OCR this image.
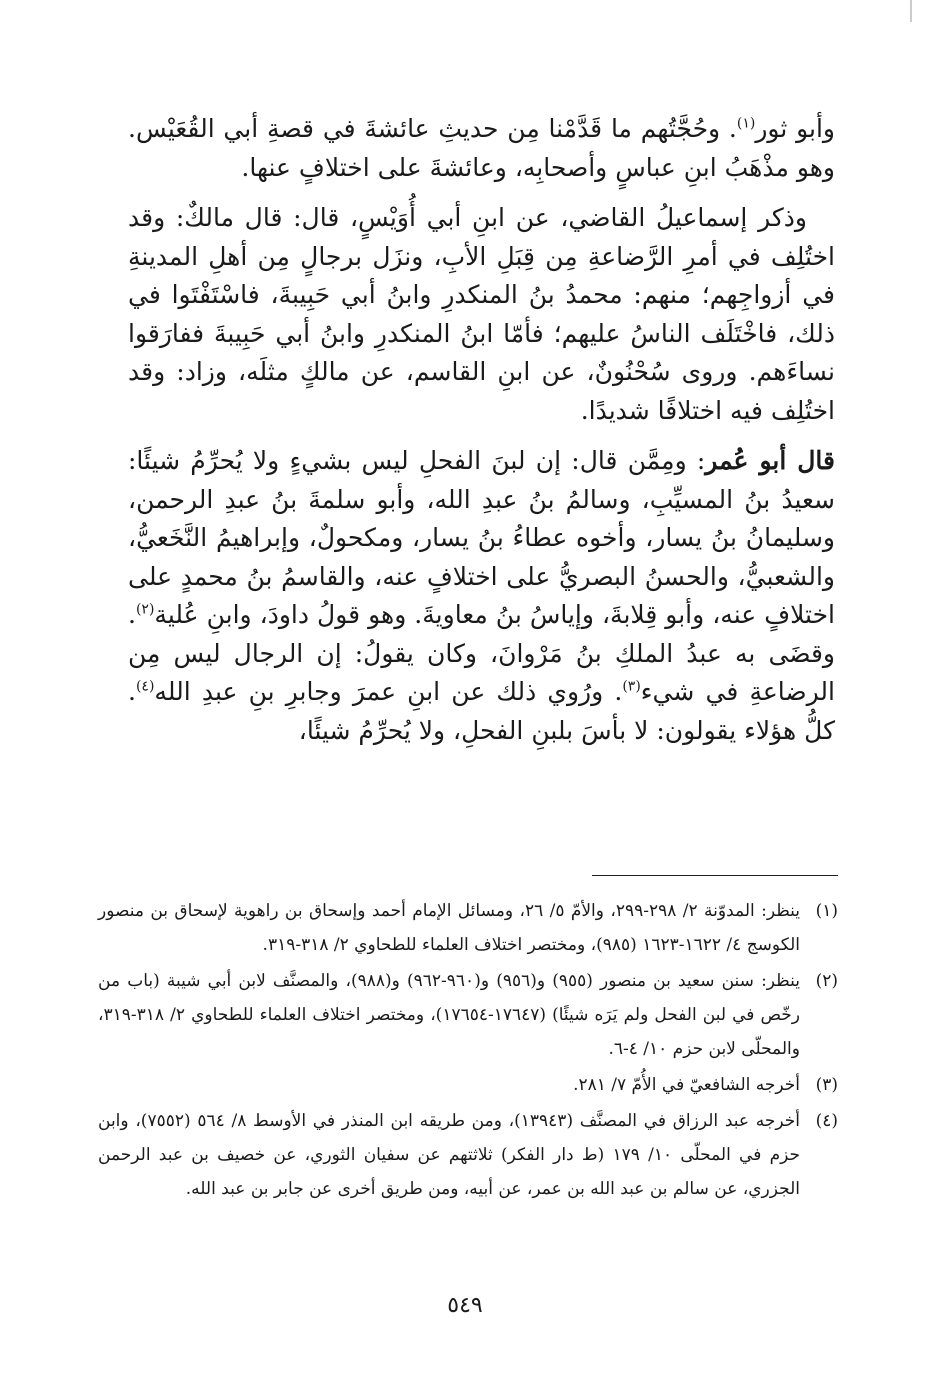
وأبو ثور$^{(١)}$. وحُجَّتُهم ما قَدَّمْنا مِن حديثِ عائشةَ في قصةِ أبي القُعَيْس. وهو مذْهَبُ ابنِ عباسٍ وأصحابِه، وعائشةَ على اختلافٍ عنها.

وذكر إسماعيلُ القاضي، عن ابنِ أبي أُوَيْسٍ، قال: قال مالكٌ: وقد اختُلِف في أمرِ الرَّضاعةِ مِن قِبَلِ الأبِ، ونزَل برجالٍ مِن أهلِ المدينةِ في أزواجِهم؛ منهم: محمدُ بنُ المنكدرِ وابنُ أبي حَبِيبةَ، فاسْتَفْتَوا في ذلك، فاخْتَلَف الناسُ عليهم؛ فأمّا ابنُ المنكدرِ وابنُ أبي حَبِيبةَ ففارَقوا نساءَهم. وروى سُحْنُونٌ، عن ابنِ القاسم، عن مالكٍ مثلَه، وزاد: وقد اختُلِف فيه اختلافًا شديدًا.

قال أبو عُمر: ومِمَّن قال: إن لبنَ الفحلِ ليس بشيءٍ ولا يُحرِّمُ شيئًا: سعيدُ بنُ المسيِّبِ، وسالمُ بنُ عبدِ الله، وأبو سلمةَ بنُ عبدِ الرحمن، وسليمانُ بنُ يسار، وأخوه عطاءُ بنُ يسار، ومكحولٌ، وإبراهيمُ النَّخَعيُّ، والشعبيُّ، والحسنُ البصريُّ على اختلافٍ عنه، والقاسمُ بنُ محمدٍ على اختلافٍ عنه، وأبو قِلابةَ، وإياسُ بنُ معاويةَ. وهو قولُ داودَ، وابنِ عُلية$^{(٢)}$. وقضَى به عبدُ الملكِ بنُ مَرْوانَ، وكان يقولُ: إن الرجال ليس مِن الرضاعةِ في شيء$^{(٣)}$. ورُوي ذلك عن ابنِ عمرَ وجابرِ بنِ عبدِ الله$^{(٤)}$. كلُّ هؤلاء يقولون: لا بأسَ بلبنِ الفحلِ، ولا يُحرِّمُ شيئًا،

(١)
ينظر: المدوّنة ٢/ ٢٩٨-٢٩٩، والأمّ ٥/ ٢٦، ومسائل الإمام أحمد وإسحاق بن راهوية لإسحاق بن منصور الكوسج ٤/ ١٦٢٢-١٦٢٣ (٩٨٥)، ومختصر اختلاف العلماء للطحاوي ٢/ ٣١٨-٣١٩.
(٢)
ينظر: سنن سعيد بن منصور (٩٥٥) و(٩٥٦) و(٩٦٠-٩٦٢) و(٩٨٨)، والمصنَّف لابن أبي شيبة (باب من رخّص في لبن الفحل ولم يَرَه شيئًا) (١٧٦٤٧-١٧٦٥٤)، ومختصر اختلاف العلماء للطحاوي ٢/ ٣١٨-٣١٩، والمحلّى لابن حزم ١٠/ ٤-٦.
(٣)
أخرجه الشافعيّ في الأُمّ ٧/ ٢٨١.
(٤)
أخرجه عبد الرزاق في المصنَّف (١٣٩٤٣)، ومن طريقه ابن المنذر في الأوسط ٨/ ٥٦٤ (٧٥٥٢)، وابن حزم في المحلّى ١٠/ ١٧٩ (ط دار الفكر) ثلاثتهم عن سفيان الثوري، عن خصيف بن عبد الرحمن الجزري، عن سالم بن عبد الله بن عمر، عن أبيه، ومن طريق أخرى عن جابر بن عبد الله.
٥٤٩
